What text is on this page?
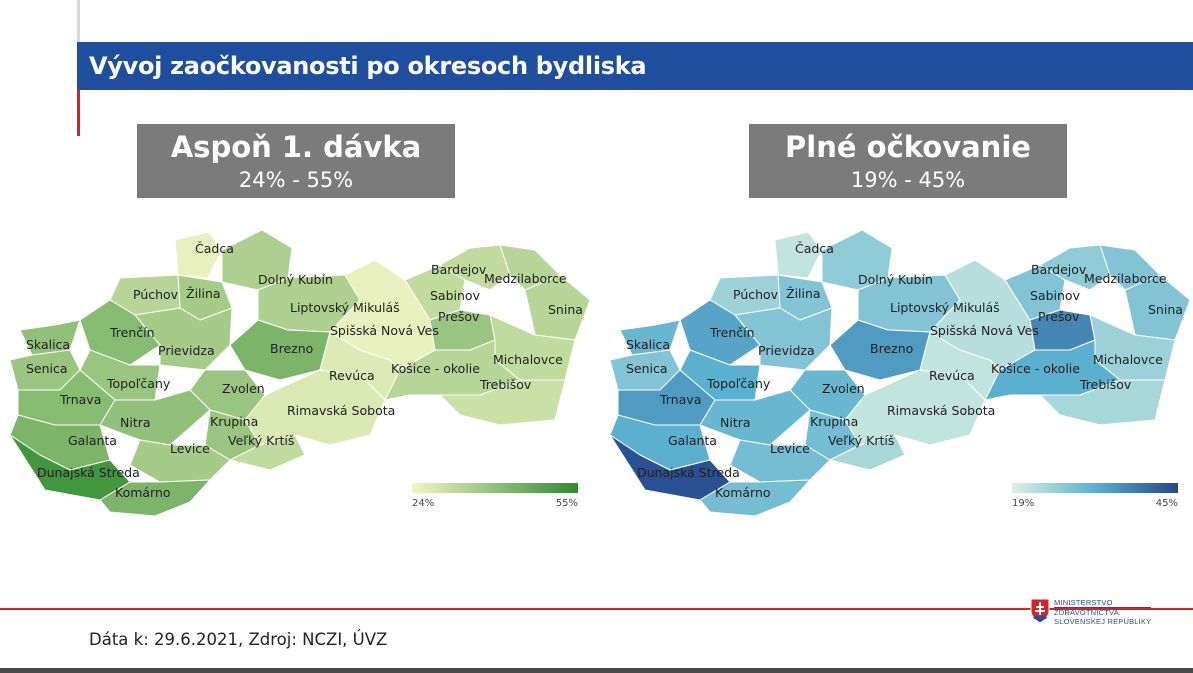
Vývoj zaočkovanosti po okresoch bydliska
Aspoň 1. dávka
24% - 55%
Plné očkovanie
19% - 45%
Čadca
Dolný Kubín
Žilina
Púchov
Liptovský Mikuláš
Trenčín
Prievidza	Brezno
Skalica
Senica
Topoľčany	Zvolen
Trnava
Nitra	Krupina
Galanta	Veľký Krtíš
Levice
Dunajská Streda
Komárno
Rimavská Sobota
Revúca
Spišská Nová Ves
Sabinov
Prešov
Bardejov
Medzilaborce
Snina
Michalovce
Košice - okolie
Trebišov
24%	55%
Čadca
Dolný Kubín
Žilina
Púchov
Liptovský Mikuláš
Trenčín
Prievidza	Brezno
Skalica
Senica
Topoľčany	Zvolen
Trnava
Nitra	Krupina
Galanta	Veľký Krtíš
Levice
Dunajská Streda
Komárno
Rimavská Sobota
Revúca
Spišská Nová Ves
Sabinov
Prešov
Bardejov
Medzilaborce
Snina
Michalovce
Košice - okolie
Trebišov
19%	45%
Dáta k: 29.6.2021, Zdroj: NCZI, ÚVZ
MINISTERSTVO
ZDRAVOTNÍCTVA
SLOVENSKEJ REPUBLIKY
